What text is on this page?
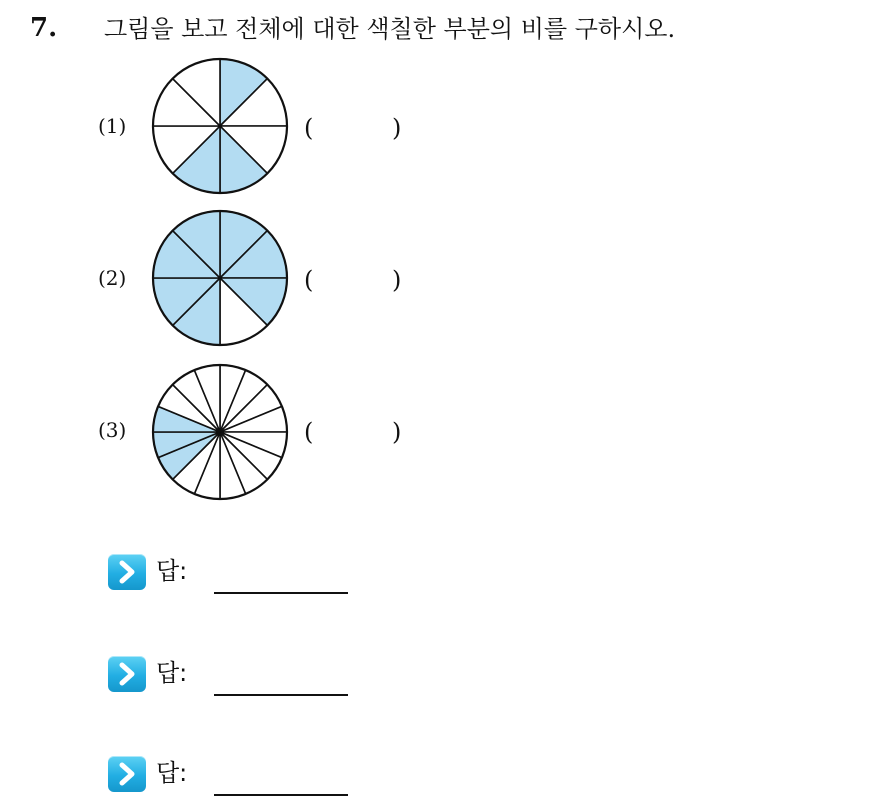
7. 그림을 보고 전체에 대한 색칠한 부분의 비를 구하시오.
(1)	(	)
(2)	(	)
(3)	(	)
답:
답:
답:
